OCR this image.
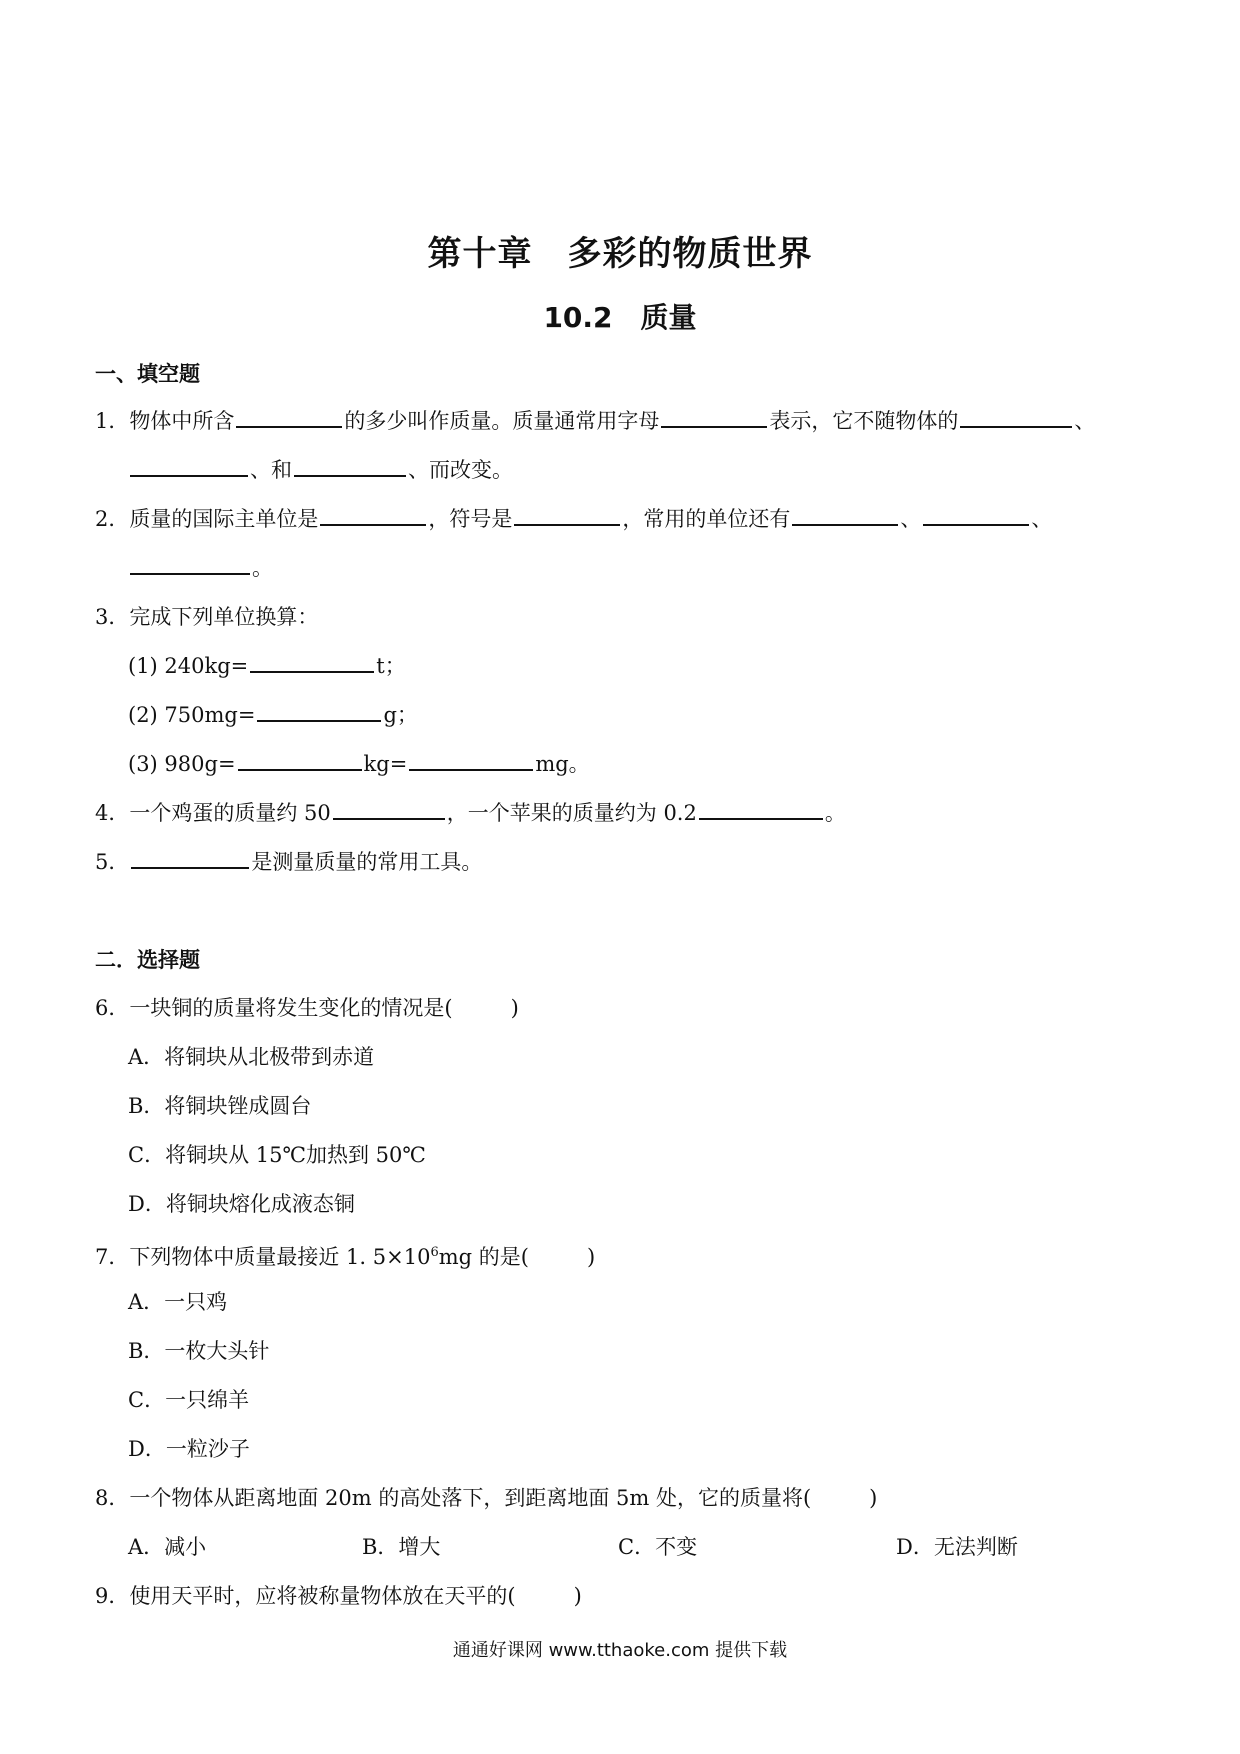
第十章　多彩的物质世界
10.2　质量
一、填空题
1．物体中所含	的多少叫作质量。质量通常用字母	表示，它不随物体的	、
、和	、而改变。
2．质量的国际主单位是	，符号是	，常用的单位还有	、	、
。
3．完成下列单位换算：
(1) 240kg=	t；
(2) 750mg=	g；
(3) 980g=	kg=	mg。
4．一个鸡蛋的质量约 50	，一个苹果的质量约为 0.2	。
5．	是测量质量的常用工具。
二．选择题
6．一块铜的质量将发生变化的情况是(	)
A．将铜块从北极带到赤道
B．将铜块锉成圆台
C．将铜块从 15℃加热到 50℃
D．将铜块熔化成液态铜
7．下列物体中质量最接近 1. $5\times 10^6mg$ 的是(	)
A．一只鸡
B．一枚大头针
C．一只绵羊
D．一粒沙子
8．一个物体从距离地面 20m 的高处落下，到距离地面 5m 处，它的质量将(	)
A．减小	B．增大	C．不变	D．无法判断
9．使用天平时，应将被称量物体放在天平的(	)
通通好课网 www.tthaoke.com 提供下载
